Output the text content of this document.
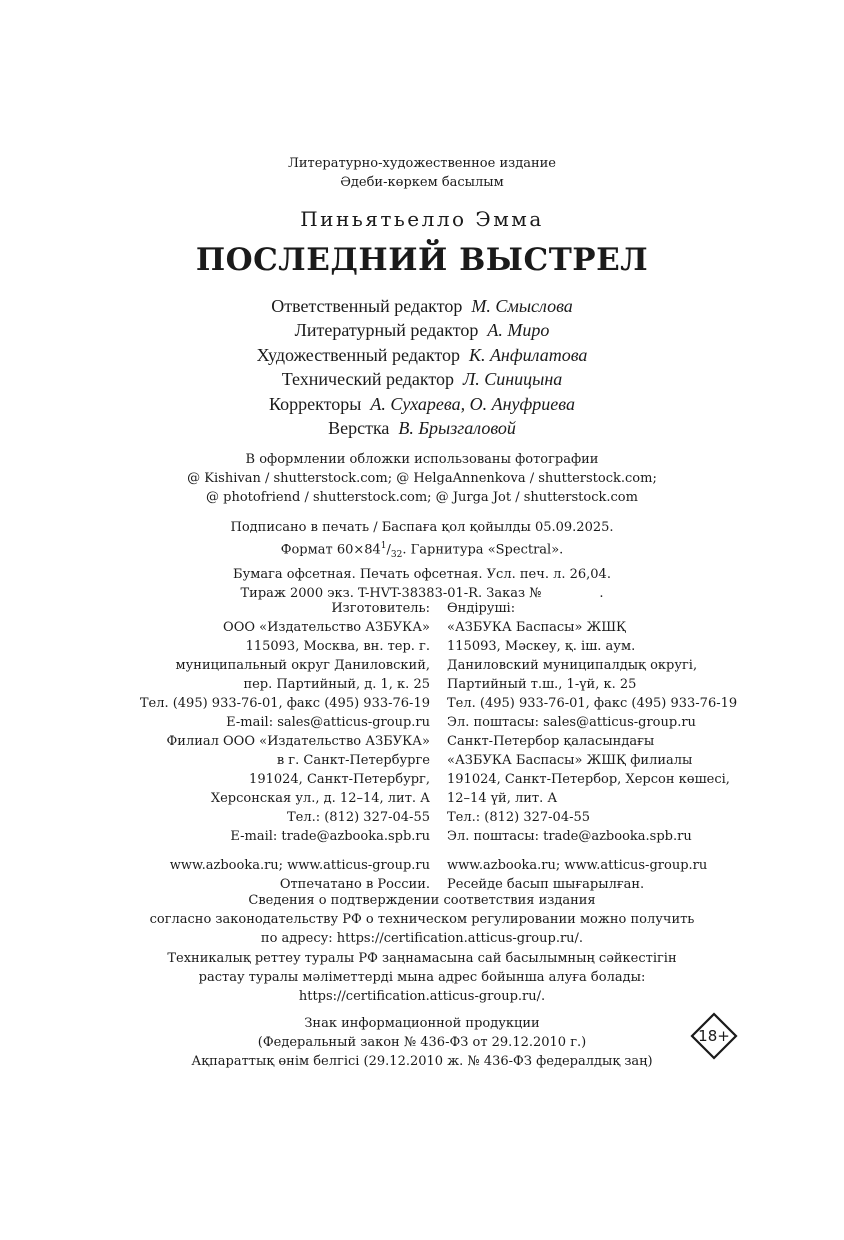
Литературно-художественное издание
Әдеби-көркем басылым
Пиньятьелло Эмма
ПОСЛЕДНИЙ ВЫСТРЕЛ
Ответственный редактор М. Смыслова
Литературный редактор А. Миро
Художественный редактор К. Анфилатова
Технический редактор Л. Синицына
Корректоры А. Сухарева, О. Ануфриева
Верстка В. Брызгаловой
В оформлении обложки использованы фотографии
@ Kishivan / shutterstock.com; @ HelgaAnnenkova / shutterstock.com;
@ photofriend / shutterstock.com; @ Jurga Jot / shutterstock.com
Подписано в печать / Баспаға қол қойылды 05.09.2025.
Формат $60\times 84^1/_{32}$. Гарнитура «Spectral».
Бумага офсетная. Печать офсетная. Усл. печ. л. 26,04.
Тираж 2000 экз. T-HVT-38383-01-R. Заказ №              .
Изготовитель:
ООО «Издательство АЗБУКА»
115093, Москва, вн. тер. г.
муниципальный округ Даниловский,
пер. Партийный, д. 1, к. 25
Тел. (495) 933-76-01, факс (495) 933-76-19
E-mail: sales@atticus-group.ru
Филиал ООО «Издательство АЗБУКА»
в г. Санкт-Петербурге
191024, Санкт-Петербург,
Херсонская ул., д. 12–14, лит. А
Тел.: (812) 327-04-55
E-mail: trade@azbooka.spb.ru
www.azbooka.ru; www.atticus-group.ru
Отпечатано в России.
Өндіруші:
«АЗБУКА Баспасы» ЖШҚ
115093, Мәскеу, қ. іш. аум.
Даниловский муниципалдық округі,
Партийный т.ш., 1-үй, к. 25
Тел. (495) 933-76-01, факс (495) 933-76-19
Эл. поштасы: sales@atticus-group.ru
Санкт-Петербор қаласындағы
«АЗБУКА Баспасы» ЖШҚ филиалы
191024, Санкт-Петербор, Херсон көшесі,
12–14 үй, лит. А
Тел.: (812) 327-04-55
Эл. поштасы: trade@azbooka.spb.ru
www.azbooka.ru; www.atticus-group.ru
Ресейде басып шығарылған.
Сведения о подтверждении соответствия издания
согласно законодательству РФ о техническом регулировании можно получить
по адресу: https://certification.atticus-group.ru/.
Техникалық реттеу туралы РФ заңнамасына сай басылымның сәйкестігін
растау туралы мәліметтерді мына адрес бойынша алуға болады:
https://certification.atticus-group.ru/.
Знак информационной продукции
(Федеральный закон № 436-ФЗ от 29.12.2010 г.)
Ақпараттық өнім белгісі (29.12.2010 ж. № 436-ФЗ федералдық заң)
18+
